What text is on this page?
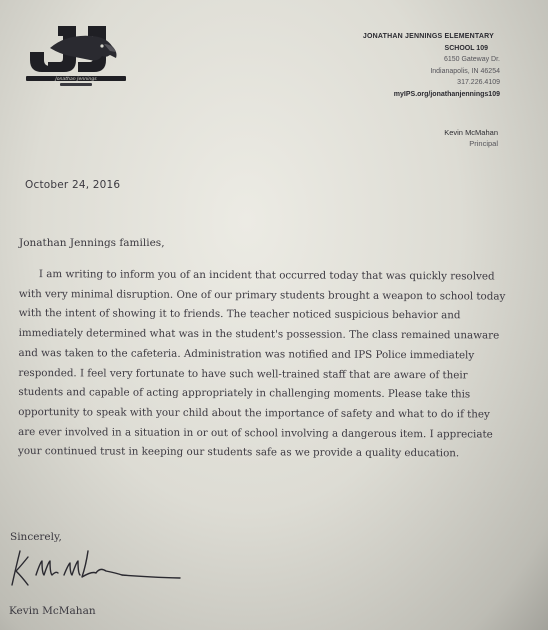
Jonathan Jennings
JONATHAN JENNINGS ELEMENTARY
SCHOOL 109
6150 Gateway Dr.
Indianapolis, IN 46254
317.226.4109
myIPS.org/jonathanjennings109
Kevin McMahan
Principal
October 24, 2016
Jonathan Jennings families,
I am writing to inform you of an incident that occurred today that was quickly resolved
with very minimal disruption. One of our primary students brought a weapon to school today
with the intent of showing it to friends. The teacher noticed suspicious behavior and
immediately determined what was in the student's possession. The class remained unaware
and was taken to the cafeteria. Administration was notified and IPS Police immediately
responded. I feel very fortunate to have such well-trained staff that are aware of their
students and capable of acting appropriately in challenging moments. Please take this
opportunity to speak with your child about the importance of safety and what to do if they
are ever involved in a situation in or out of school involving a dangerous item. I appreciate
your continued trust in keeping our students safe as we provide a quality education.
Sincerely,
Kevin McMahan
